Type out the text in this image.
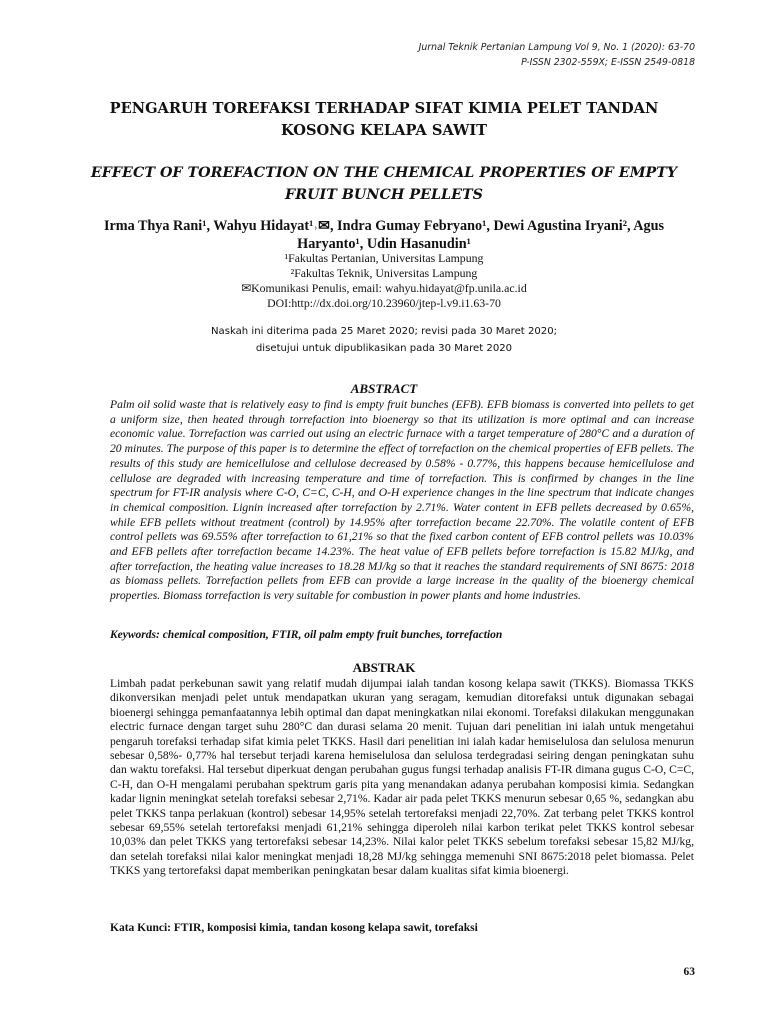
Jurnal Teknik Pertanian Lampung Vol 9, No. 1 (2020): 63-70
P-ISSN 2302-559X; E-ISSN 2549-0818
PENGARUH TOREFAKSI TERHADAP SIFAT KIMIA PELET TANDAN KOSONG KELAPA SAWIT
EFFECT OF TOREFACTION ON THE CHEMICAL PROPERTIES OF EMPTY FRUIT BUNCH PELLETS
Irma Thya Rani¹, Wahyu Hidayat¹˒✉, Indra Gumay Febryano¹, Dewi Agustina Iryani², Agus Haryanto¹, Udin Hasanudin¹
¹Fakultas Pertanian, Universitas Lampung
²Fakultas Teknik, Universitas Lampung
✉Komunikasi Penulis, email: wahyu.hidayat@fp.unila.ac.id
DOI:http://dx.doi.org/10.23960/jtep-l.v9.i1.63-70
Naskah ini diterima pada 25 Maret 2020; revisi pada 30 Maret 2020;
disetujui untuk dipublikasikan pada 30 Maret 2020
ABSTRACT
Palm oil solid waste that is relatively easy to find is empty fruit bunches (EFB). EFB biomass is converted into pellets to get a uniform size, then heated through torrefaction into bioenergy so that its utilization is more optimal and can increase economic value. Torrefaction was carried out using an electric furnace with a target temperature of 280°C and a duration of 20 minutes. The purpose of this paper is to determine the effect of torrefaction on the chemical properties of EFB pellets. The results of this study are hemicellulose and cellulose decreased by 0.58% - 0.77%, this happens because hemicellulose and cellulose are degraded with increasing temperature and time of torrefaction. This is confirmed by changes in the line spectrum for FT-IR analysis where C-O, C=C, C-H, and O-H experience changes in the line spectrum that indicate changes in chemical composition. Lignin increased after torrefaction by 2.71%. Water content in EFB pellets decreased by 0.65%, while EFB pellets without treatment (control) by 14.95% after torrefaction became 22.70%. The volatile content of EFB control pellets was 69.55% after torrefaction to 61,21% so that the fixed carbon content of EFB control pellets was 10.03% and EFB pellets after torrefaction became 14.23%. The heat value of EFB pellets before torrefaction is 15.82 MJ/kg, and after torrefaction, the heating value increases to 18.28 MJ/kg so that it reaches the standard requirements of SNI 8675: 2018 as biomass pellets. Torrefaction pellets from EFB can provide a large increase in the quality of the bioenergy chemical properties. Biomass torrefaction is very suitable for combustion in power plants and home industries.
Keywords: chemical composition, FTIR, oil palm empty fruit bunches, torrefaction
ABSTRAK
Limbah padat perkebunan sawit yang relatif mudah dijumpai ialah tandan kosong kelapa sawit (TKKS). Biomassa TKKS dikonversikan menjadi pelet untuk mendapatkan ukuran yang seragam, kemudian ditorefaksi untuk digunakan sebagai bioenergi sehingga pemanfaatannya lebih optimal dan dapat meningkatkan nilai ekonomi. Torefaksi dilakukan menggunakan electric furnace dengan target suhu 280°C dan durasi selama 20 menit. Tujuan dari penelitian ini ialah untuk mengetahui pengaruh torefaksi terhadap sifat kimia pelet TKKS. Hasil dari penelitian ini ialah kadar hemiselulosa dan selulosa menurun sebesar 0,58%- 0,77% hal tersebut terjadi karena hemiselulosa dan selulosa terdegradasi seiring dengan peningkatan suhu dan waktu torefaksi. Hal tersebut diperkuat dengan perubahan gugus fungsi terhadap analisis FT-IR dimana gugus C-O, C=C, C-H, dan O-H mengalami perubahan spektrum garis pita yang menandakan adanya perubahan komposisi kimia. Sedangkan kadar lignin meningkat setelah torefaksi sebesar 2,71%. Kadar air pada pelet TKKS menurun sebesar 0,65 %, sedangkan abu pelet TKKS tanpa perlakuan (kontrol) sebesar 14,95% setelah tertorefaksi menjadi 22,70%. Zat terbang pelet TKKS kontrol sebesar 69,55% setelah tertorefaksi menjadi 61,21% sehingga diperoleh nilai karbon terikat pelet TKKS kontrol sebesar 10,03% dan pelet TKKS yang tertorefaksi sebesar 14,23%. Nilai kalor pelet TKKS sebelum torefaksi sebesar 15,82 MJ/kg, dan setelah torefaksi nilai kalor meningkat menjadi 18,28 MJ/kg sehingga memenuhi SNI 8675:2018 pelet biomassa. Pelet TKKS yang tertorefaksi dapat memberikan peningkatan besar dalam kualitas sifat kimia bioenergi.
Kata Kunci: FTIR, komposisi kimia, tandan kosong kelapa sawit, torefaksi
63
